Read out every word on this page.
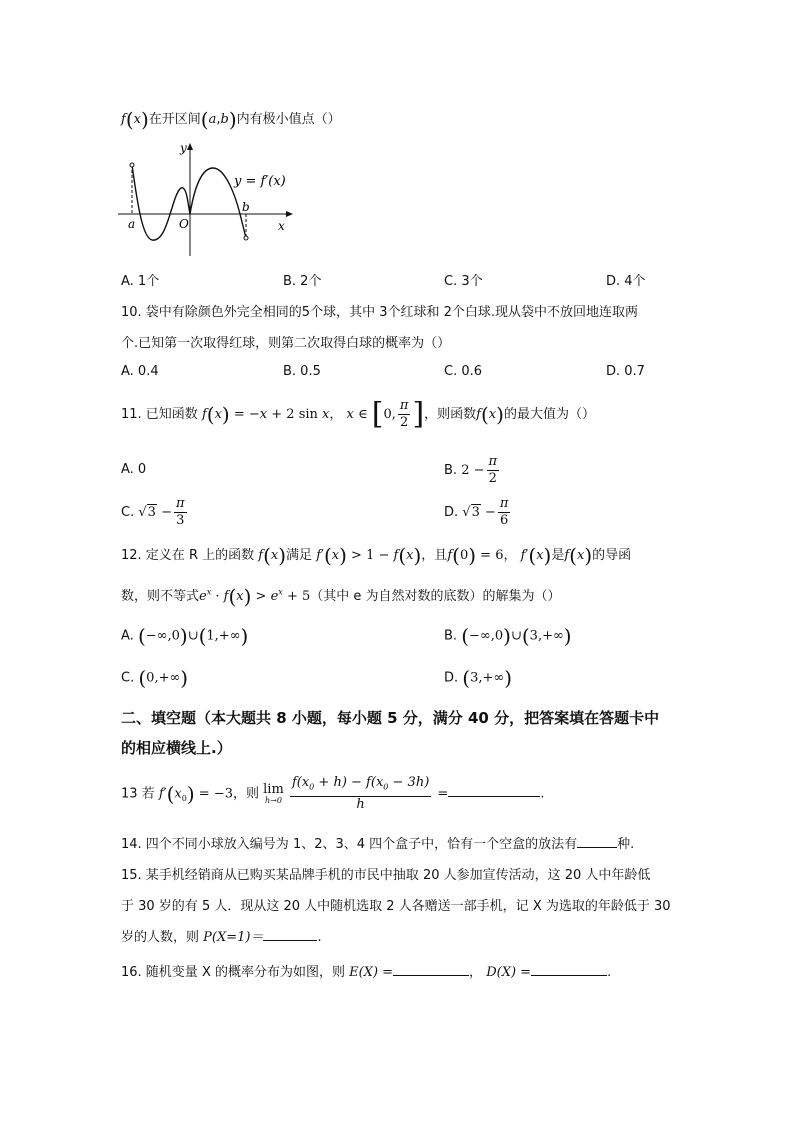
f(x)在开区间(a,b)内有极小值点（）
y
x
O
a
b
y = f′(x)
A. 1个	B. 2个	C. 3个	D. 4个
10. 袋中有除颜色外完全相同的5个球，其中 3个红球和 2个白球.现从袋中不放回地连取两
个.已知第一次取得红球，则第二次取得白球的概率为（）
A. 0.4	B. 0.5	C. 0.6	D. 0.7
11. 已知函数 f(x) = −x + 2 sin x， x ∈ [0, $\frac{\pi}{2}$ ]，则函数f(x)的最大值为（）
A. 0	B. $2 - \frac{\pi}{2}$
C. $√3 - \frac{\pi}{3}$	D. $√3 - \frac{\pi}{6}$
12. 定义在 R 上的函数 f(x)满足 f′(x) > 1 − f(x)，且f(0) = 6， f′(x)是f(x)的导函
数，则不等式$e^x \cdot f(x) > e^x + 5$（其中 e 为自然对数的底数）的解集为（）
A. (−∞,0)∪(1,+∞)	B. (−∞,0)∪(3,+∞)
C. (0,+∞)	D. (3,+∞)
二、填空题（本大题共 8 小题，每小题 5 分，满分 40 分，把答案填在答题卡中
的相应横线上.）
13 若 $f'(x_0) = -3$，则 lim
h→0
$\frac{f(x_0 + h) - f(x_0 - 3h)}{h}$ =	.
14. 四个不同小球放入编号为 1、2、3、4 四个盒子中，恰有一个空盒的放法有	种.
15. 某手机经销商从已购买某品牌手机的市民中抽取 20 人参加宣传活动，这 20 人中年龄低
于 30 岁的有 5 人．现从这 20 人中随机选取 2 人各赠送一部手机，记 X 为选取的年龄低于 30
岁的人数，则 P(X=1)＝	.
16. 随机变量 X 的概率分布为如图，则 E(X) =	， D(X) =	.
